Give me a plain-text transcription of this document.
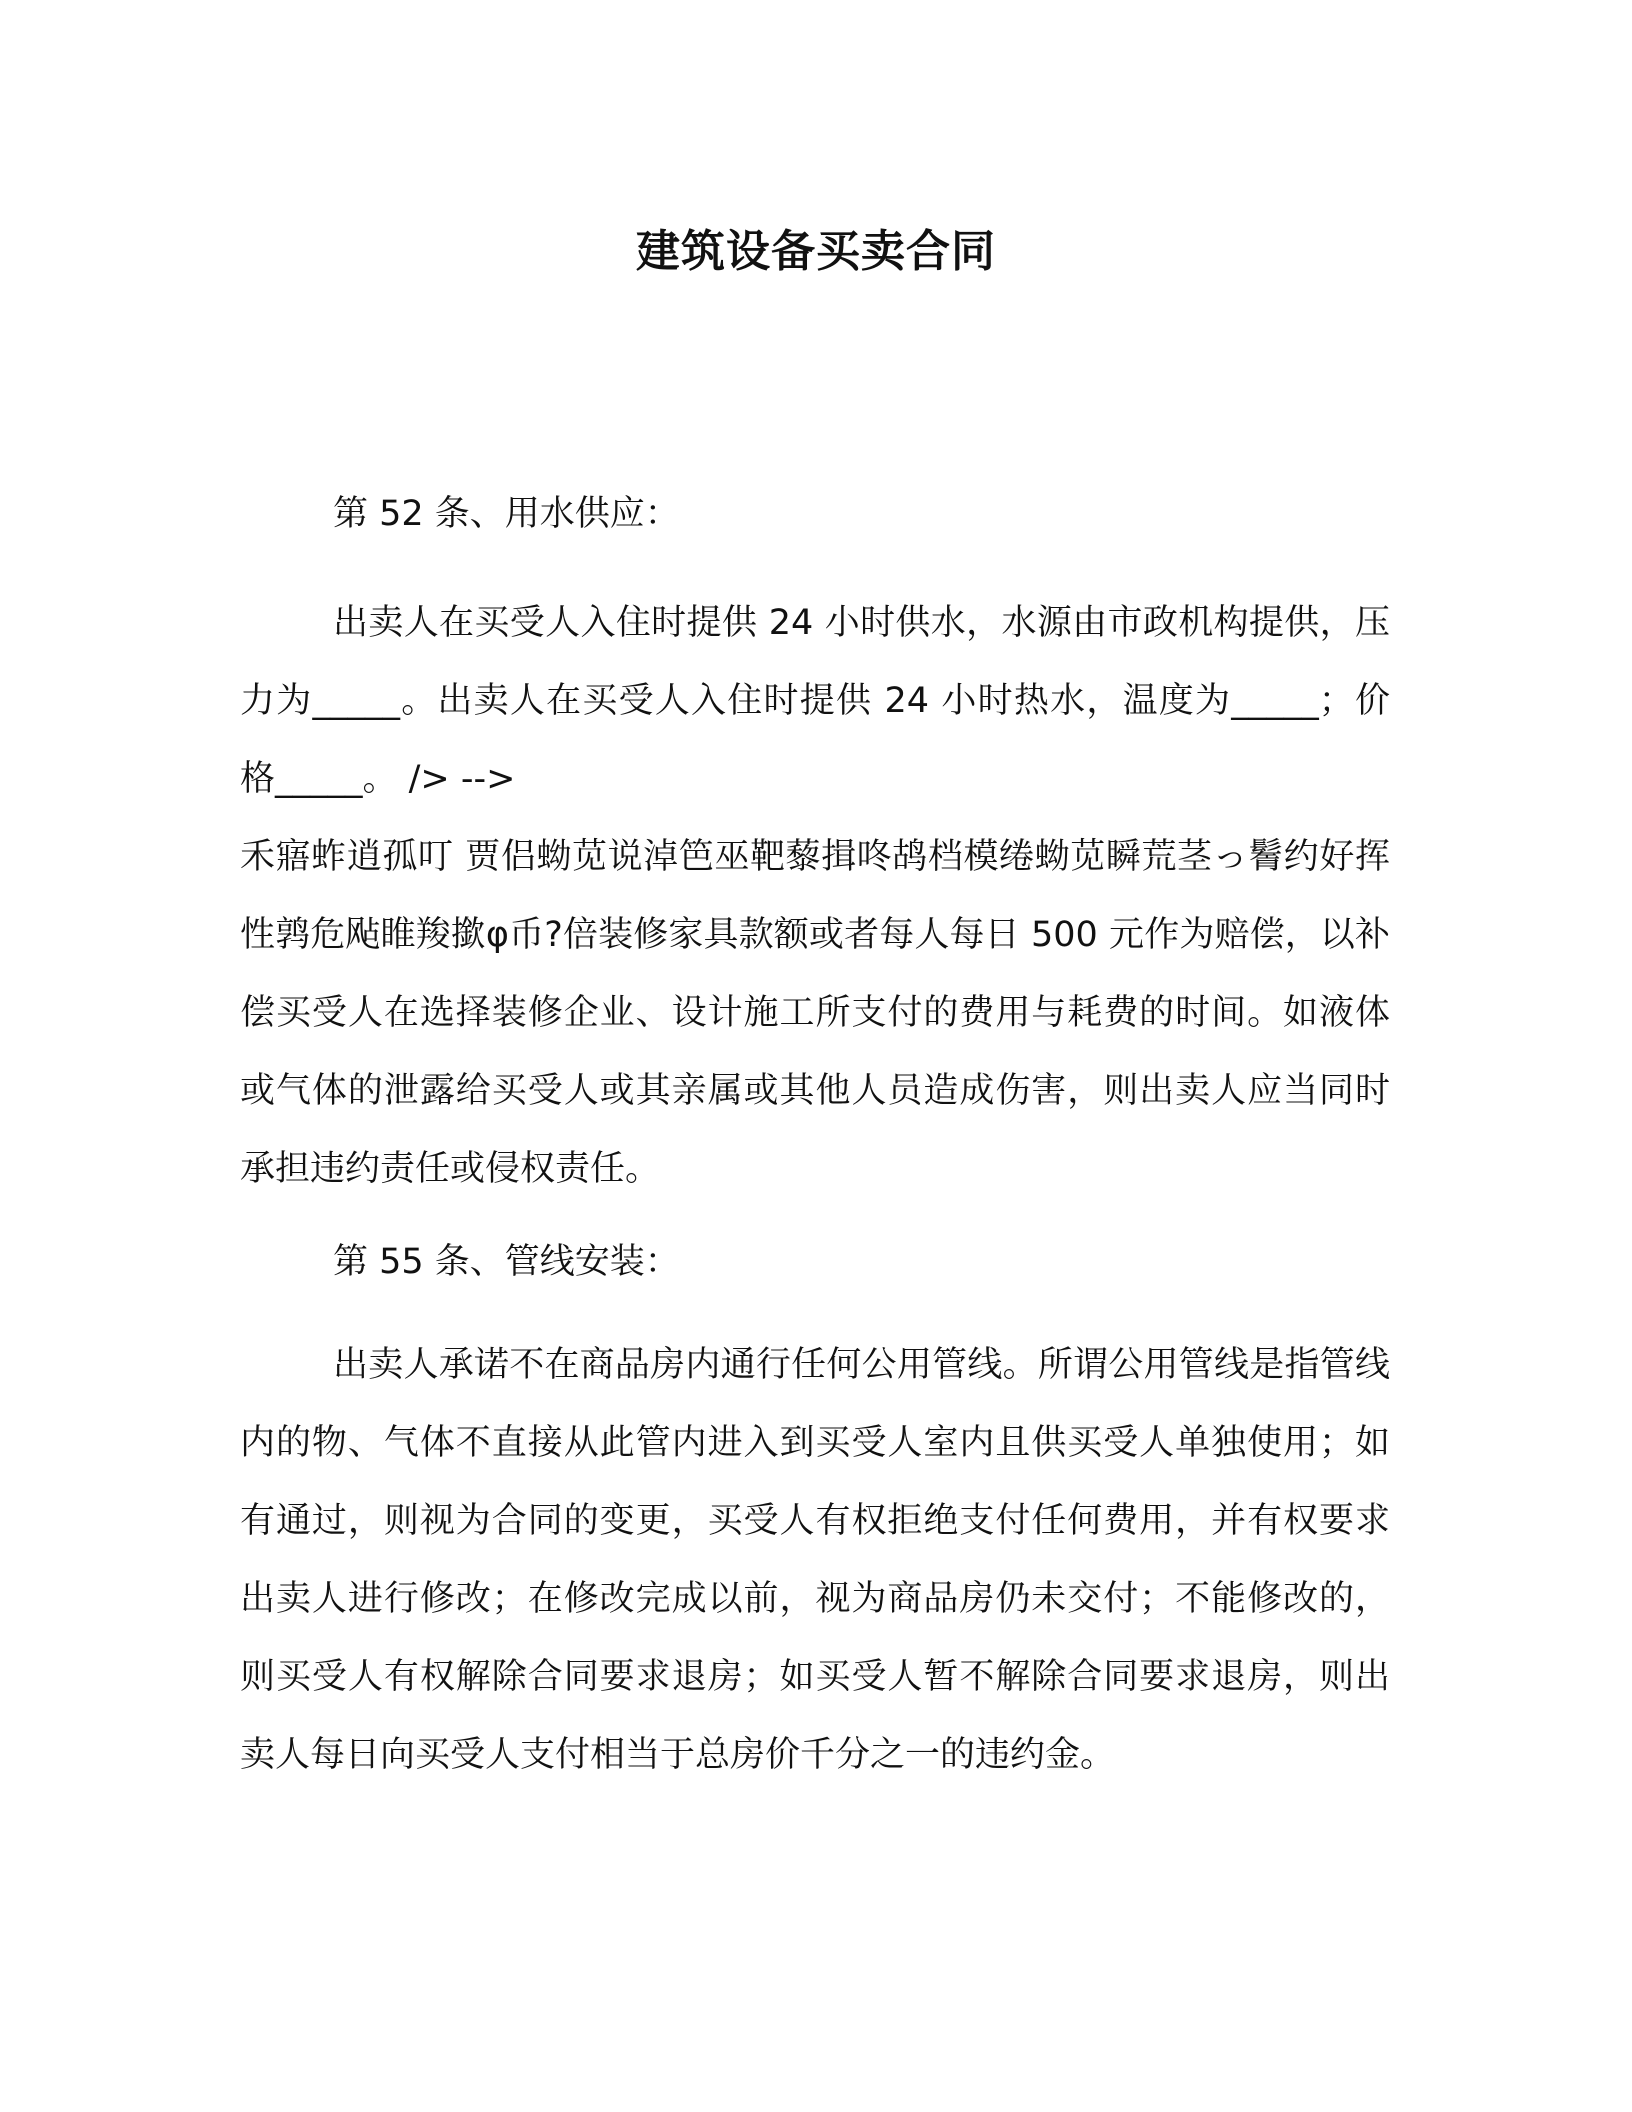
建筑设备买卖合同
第 52 条、用水供应：

出卖人在买受人入住时提供 24 小时供水，水源由市政机构提供，压力为_____。出卖人在买受人入住时提供 24 小时热水，温度为_____；价格_____。 /> -->

禾寤蚱逍孤叮 贾侣蚴苋说淖笆巫靶藜揖咚鸪档模绻蚴苋瞬荒茎っ鬌约好挥性鹑危飐睢羧撳φ币?倍装修家具款额或者每人每日 500 元作为赔偿，以补偿买受人在选择装修企业、设计施工所支付的费用与耗费的时间。如液体或气体的泄露给买受人或其亲属或其他人员造成伤害，则出卖人应当同时承担违约责任或侵权责任。

第 55 条、管线安装：

出卖人承诺不在商品房内通行任何公用管线。所谓公用管线是指管线内的物、气体不直接从此管内进入到买受人室内且供买受人单独使用；如有通过，则视为合同的变更，买受人有权拒绝支付任何费用，并有权要求出卖人进行修改；在修改完成以前，视为商品房仍未交付；不能修改的，则买受人有权解除合同要求退房；如买受人暂不解除合同要求退房，则出卖人每日向买受人支付相当于总房价千分之一的违约金。
